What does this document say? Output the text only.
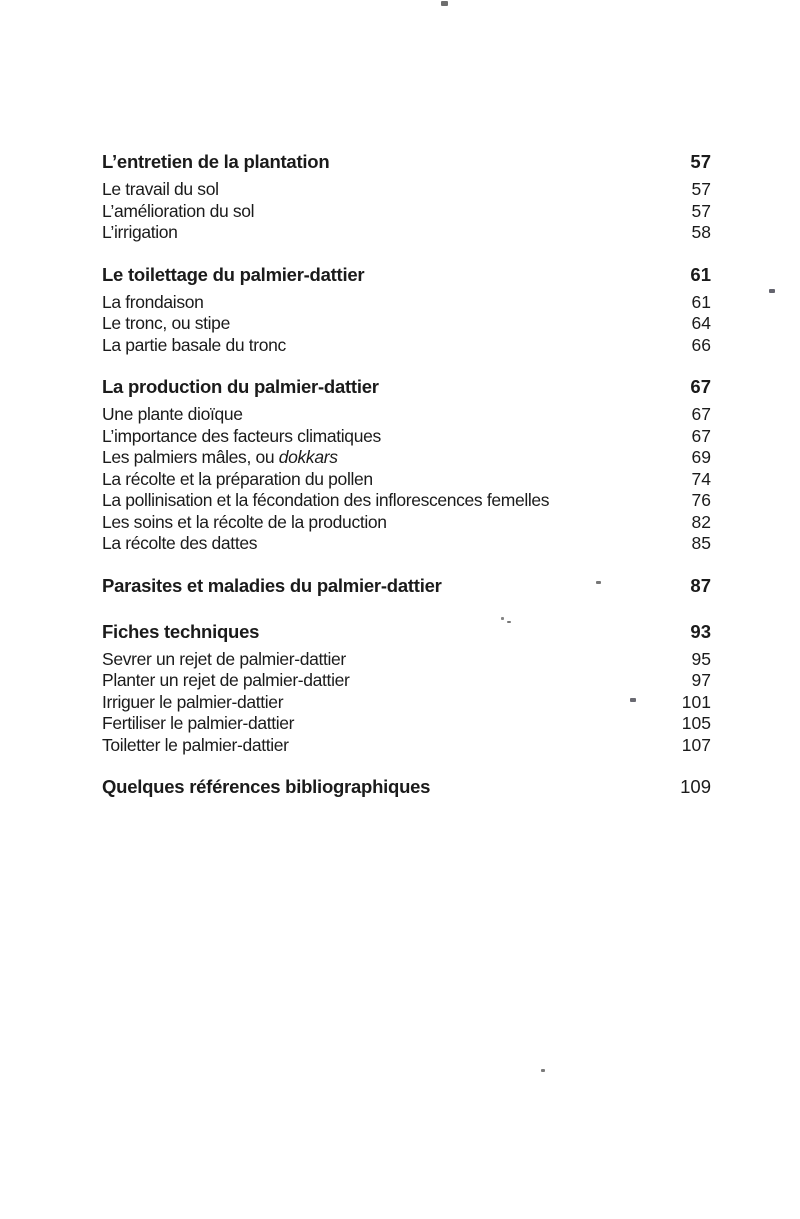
L’entretien de la plantation	57
Le travail du sol	57
L’amélioration du sol	57
L’irrigation	58
Le toilettage du palmier-dattier	61
La frondaison	61
Le tronc, ou stipe	64
La partie basale du tronc	66
La production du palmier-dattier	67
Une plante dioïque	67
L’importance des facteurs climatiques	67
Les palmiers mâles, ou dokkars	69
La récolte et la préparation du pollen	74
La pollinisation et la fécondation des inflorescences femelles	76
Les soins et la récolte de la production	82
La récolte des dattes	85
Parasites et maladies du palmier-dattier	87
Fiches techniques	93
Sevrer un rejet de palmier-dattier	95
Planter un rejet de palmier-dattier	97
Irriguer le palmier-dattier	101
Fertiliser le palmier-dattier	105
Toiletter le palmier-dattier	107
Quelques références bibliographiques	109
